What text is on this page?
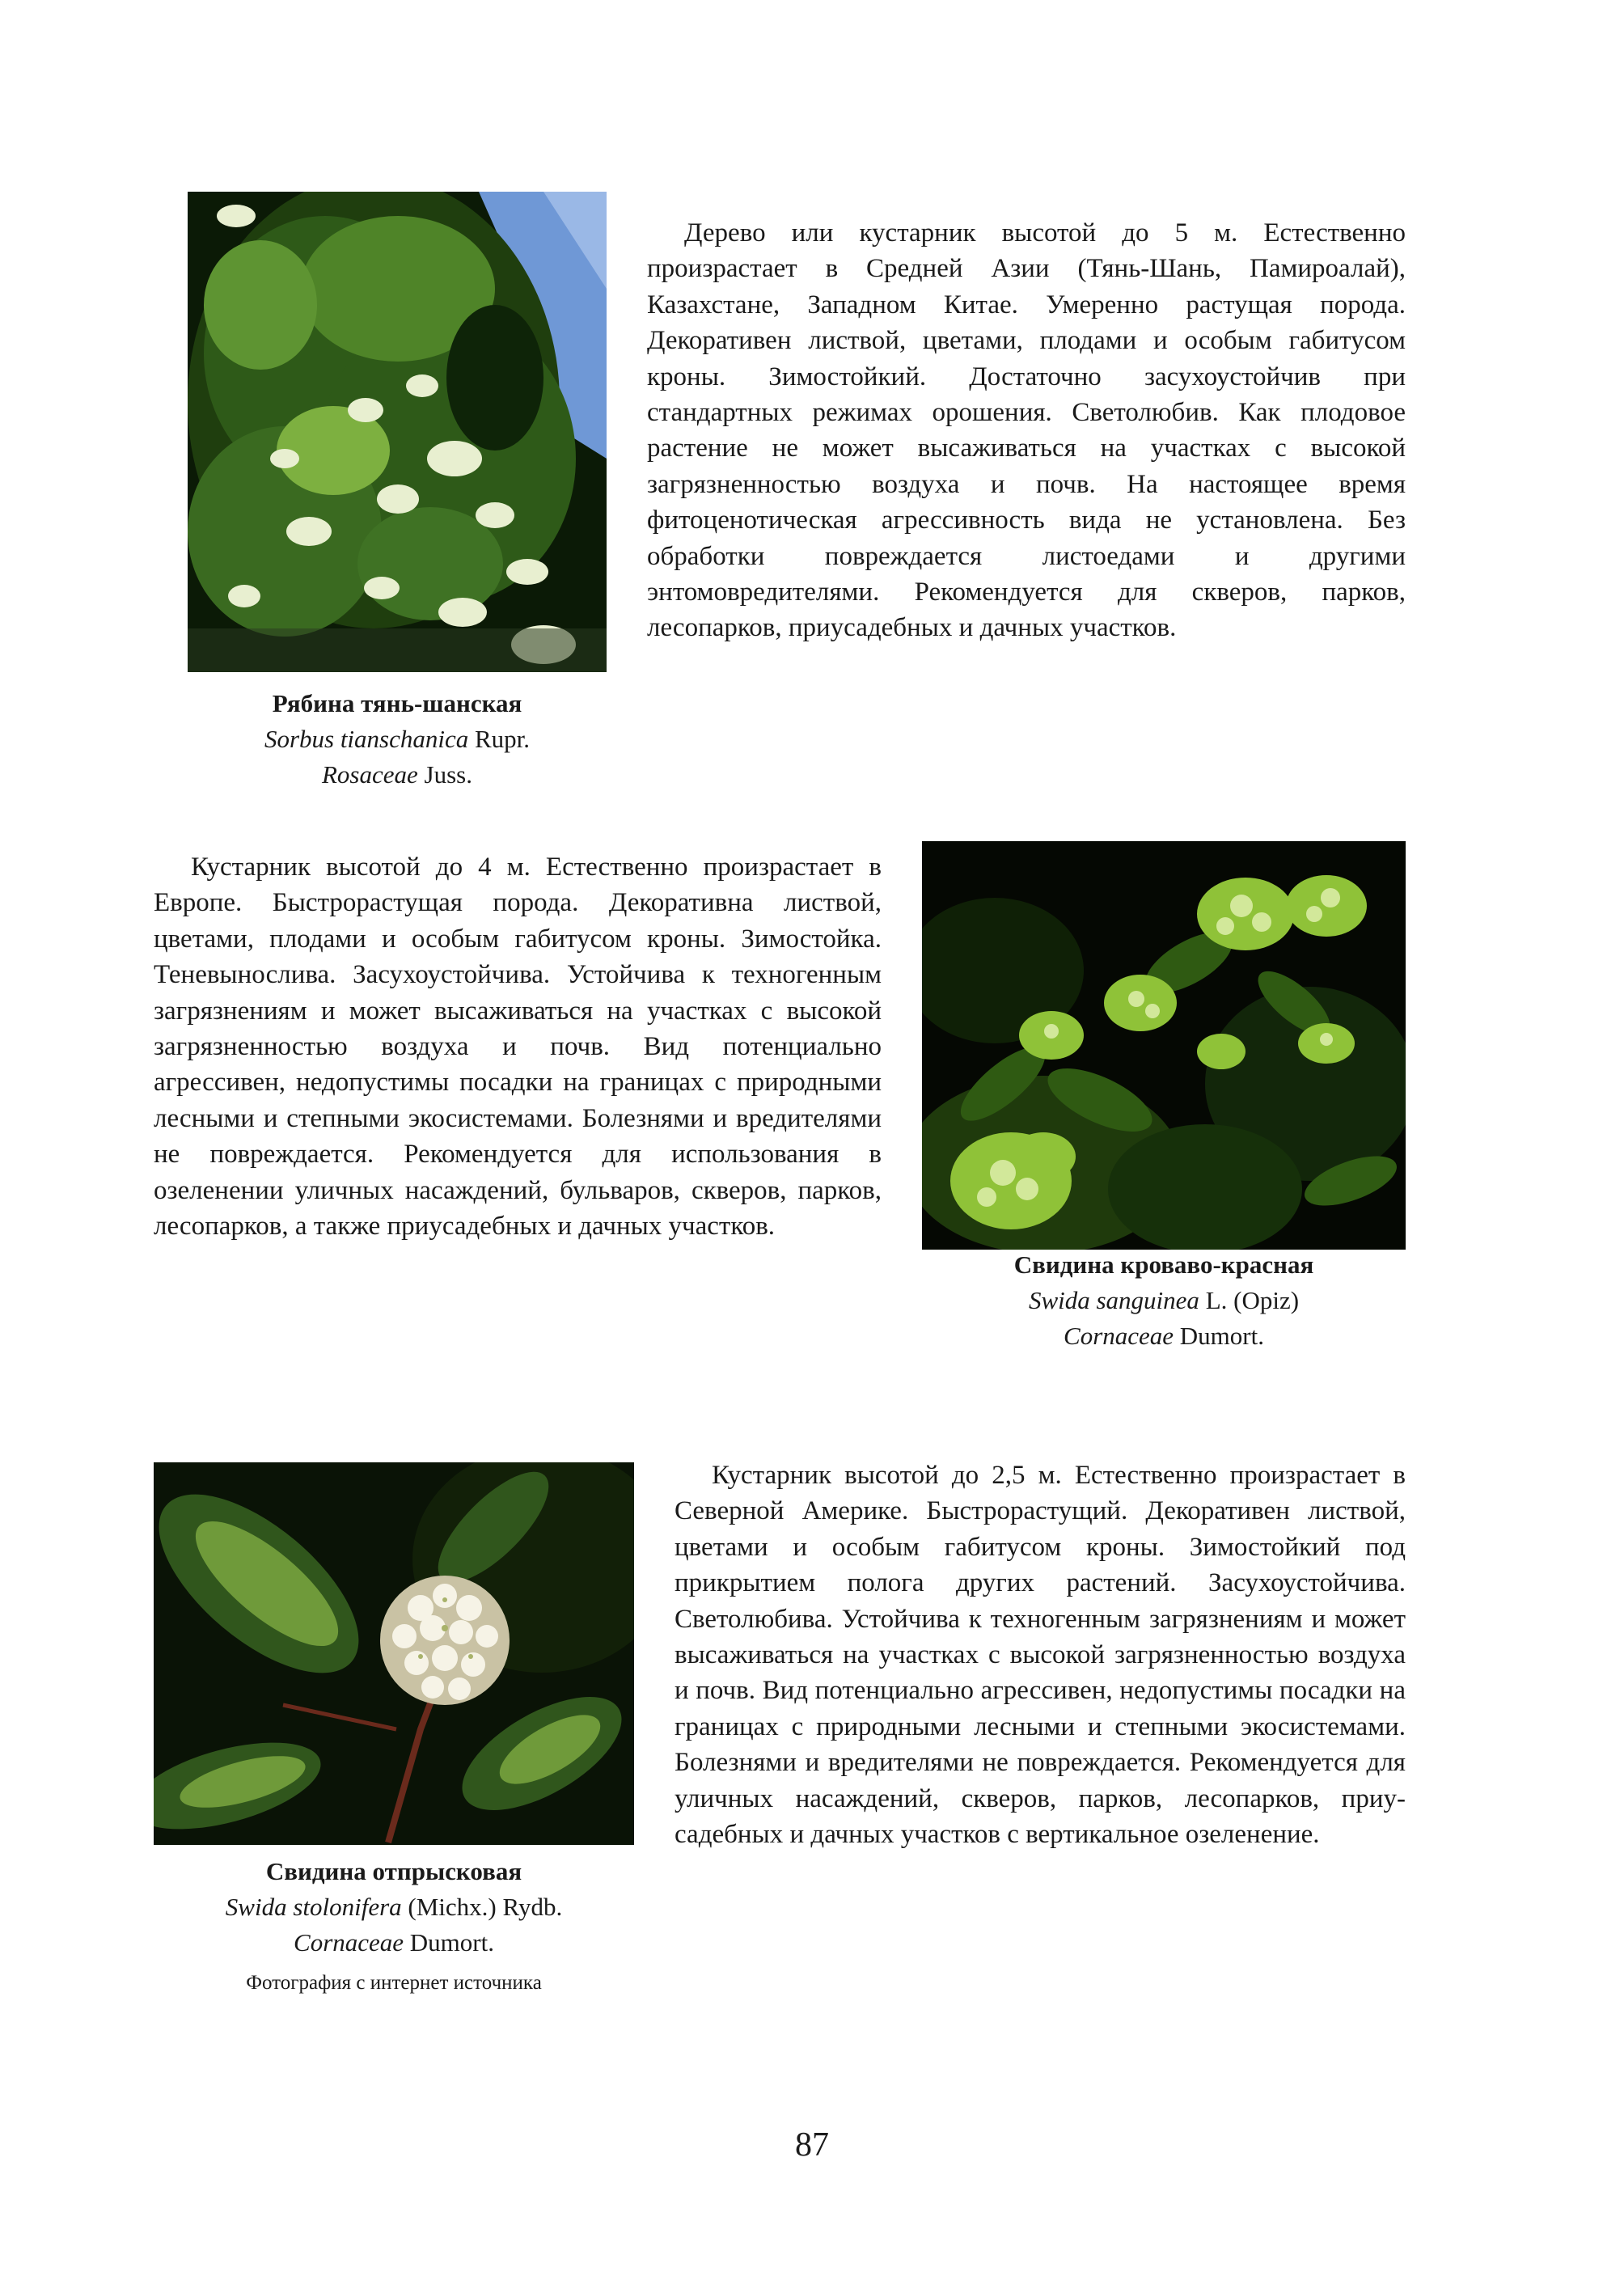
Дерево или кустарник высотой до 5 м. Естественно произрастает в Средней Азии (Тянь-Шань, Памироалай), Казахстане, Западном Китае. Умеренно растущая порода. Декоративен листвой, цветами, плодами и особым габитусом кроны. Зимостойкий. Достаточно засухоустойчив при стандартных режимах орошения. Светолюбив. Как плодовое растение не может высаживаться на участках с высокой загрязненностью воздуха и почв. На настоящее время фитоценотическая агрессивность вида не установлена. Без обработки повреждается листоедами и другими энтомовредителями. Рекомендуется для скверов, парков, лесопарков, приусадебных и дачных участков.

Рябина тянь-шанская
Sorbus tianschanica Rupr.
Rosaceae Juss.

Кустарник высотой до 4 м. Естественно произрастает в Европе. Быстрорастущая порода. Декоративна листвой, цветами, плодами и особым габитусом кроны. Зимостойка. Теневынослива. Засухоустойчива. Устойчива к техногенным загрязнениям и может высаживаться на участках с высокой загрязненностью воздуха и почв. Вид потенциально агрессивен, недопустимы посадки на границах с природными лесными и степными экосистемами. Болезнями и вредителями не повреждается. Рекомендуется для использования в озеленении уличных насаждений, бульваров, скверов, парков, лесопарков, а также приусадебных и дачных участков.

Свидина кроваво-красная
Swida sanguinea L. (Opiz)
Cornaceae Dumort.

Кустарник высотой до 2,5 м. Естественно произрастает в Северной Америке. Быстрорастущий. Декоративен листвой, цветами и особым габитусом кроны. Зимостойкий под прикрытием полога других растений. Засухоустойчива. Светолюбива. Устойчива к техногенным загрязнениям и может высаживаться на участках с высокой загрязненностью воздуха и почв. Вид потенциально агрессивен, недопустимы посадки на границах с природными лесными и степными экосистемами. Болезнями и вредителями не повреждается. Рекомендуется для уличных насаждений, скверов, парков, лесопарков, приусадебных и дачных участков с вертикальное озеленение.

Свидина отпрысковая
Swida stolonifera (Michx.) Rydb.
Cornaceae Dumort.
Фотография с интернет источника
87
